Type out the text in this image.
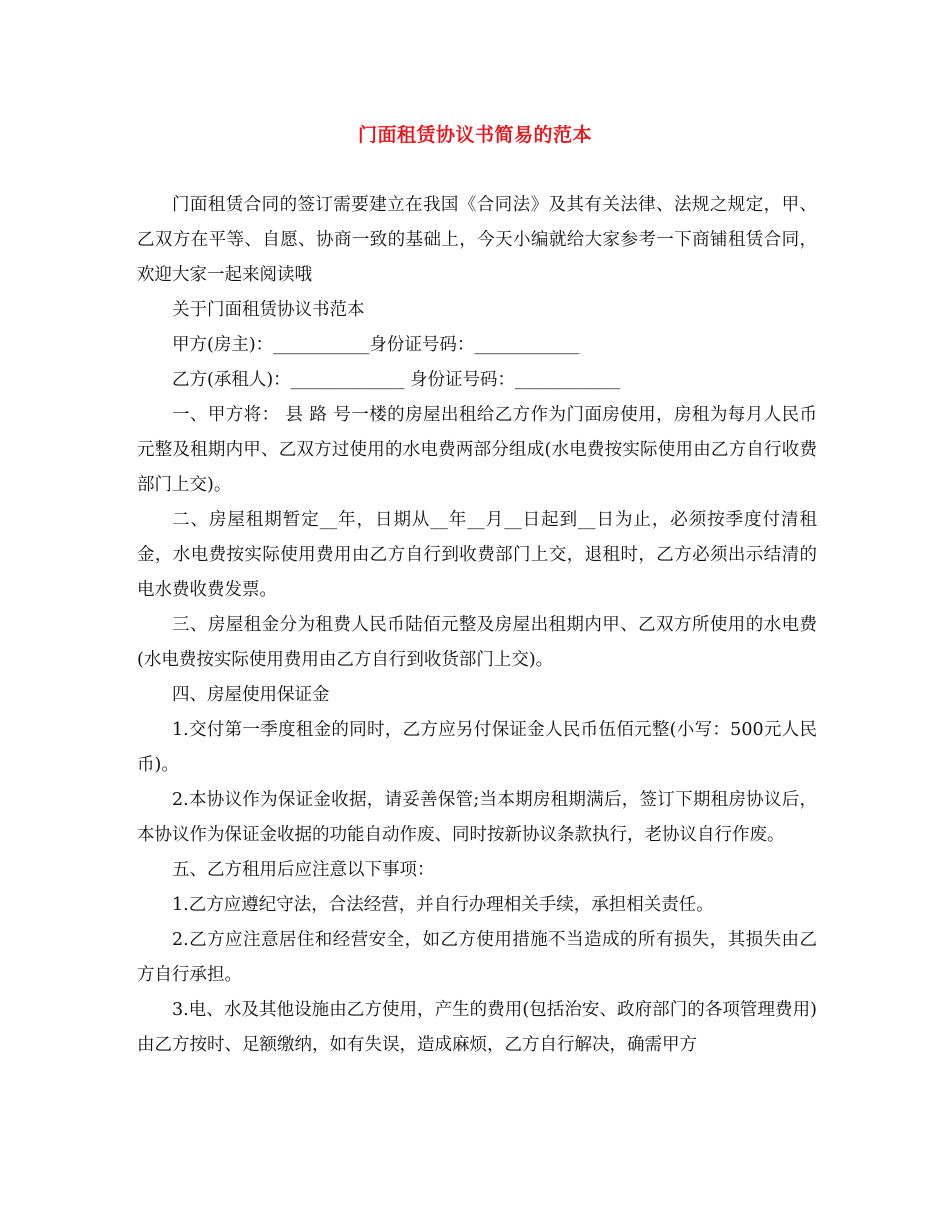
门面租赁协议书简易的范本

门面租赁合同的签订需要建立在我国《合同法》及其有关法律、法规之规定，甲、乙双方在平等、自愿、协商一致的基础上，今天小编就给大家参考一下商铺租赁合同，欢迎大家一起来阅读哦

关于门面租赁协议书范本

甲方(房主)：___________身份证号码：____________

乙方(承租人)：_____________ 身份证号码：____________

一、甲方将： 县 路 号一楼的房屋出租给乙方作为门面房使用，房租为每月人民币 元整及租期内甲、乙双方过使用的水电费两部分组成(水电费按实际使用由乙方自行收费部门上交)。

二、房屋租期暂定__年，日期从__年__月__日起到__日为止，必须按季度付清租金，水电费按实际使用费用由乙方自行到收费部门上交，退租时，乙方必须出示结清的电水费收费发票。

三、房屋租金分为租费人民币陆佰元整及房屋出租期内甲、乙双方所使用的水电费(水电费按实际使用费用由乙方自行到收货部门上交)。

四、房屋使用保证金

1.交付第一季度租金的同时，乙方应另付保证金人民币伍佰元整(小写：500元人民币)。

2.本协议作为保证金收据，请妥善保管;当本期房租期满后，签订下期租房协议后，本协议作为保证金收据的功能自动作废、同时按新协议条款执行，老协议自行作废。

五、乙方租用后应注意以下事项：

1.乙方应遵纪守法，合法经营，并自行办理相关手续，承担相关责任。

2.乙方应注意居住和经营安全，如乙方使用措施不当造成的所有损失，其损失由乙方自行承担。

3.电、水及其他设施由乙方使用，产生的费用(包括治安、政府部门的各项管理费用)由乙方按时、足额缴纳，如有失误，造成麻烦，乙方自行解决，确需甲方
